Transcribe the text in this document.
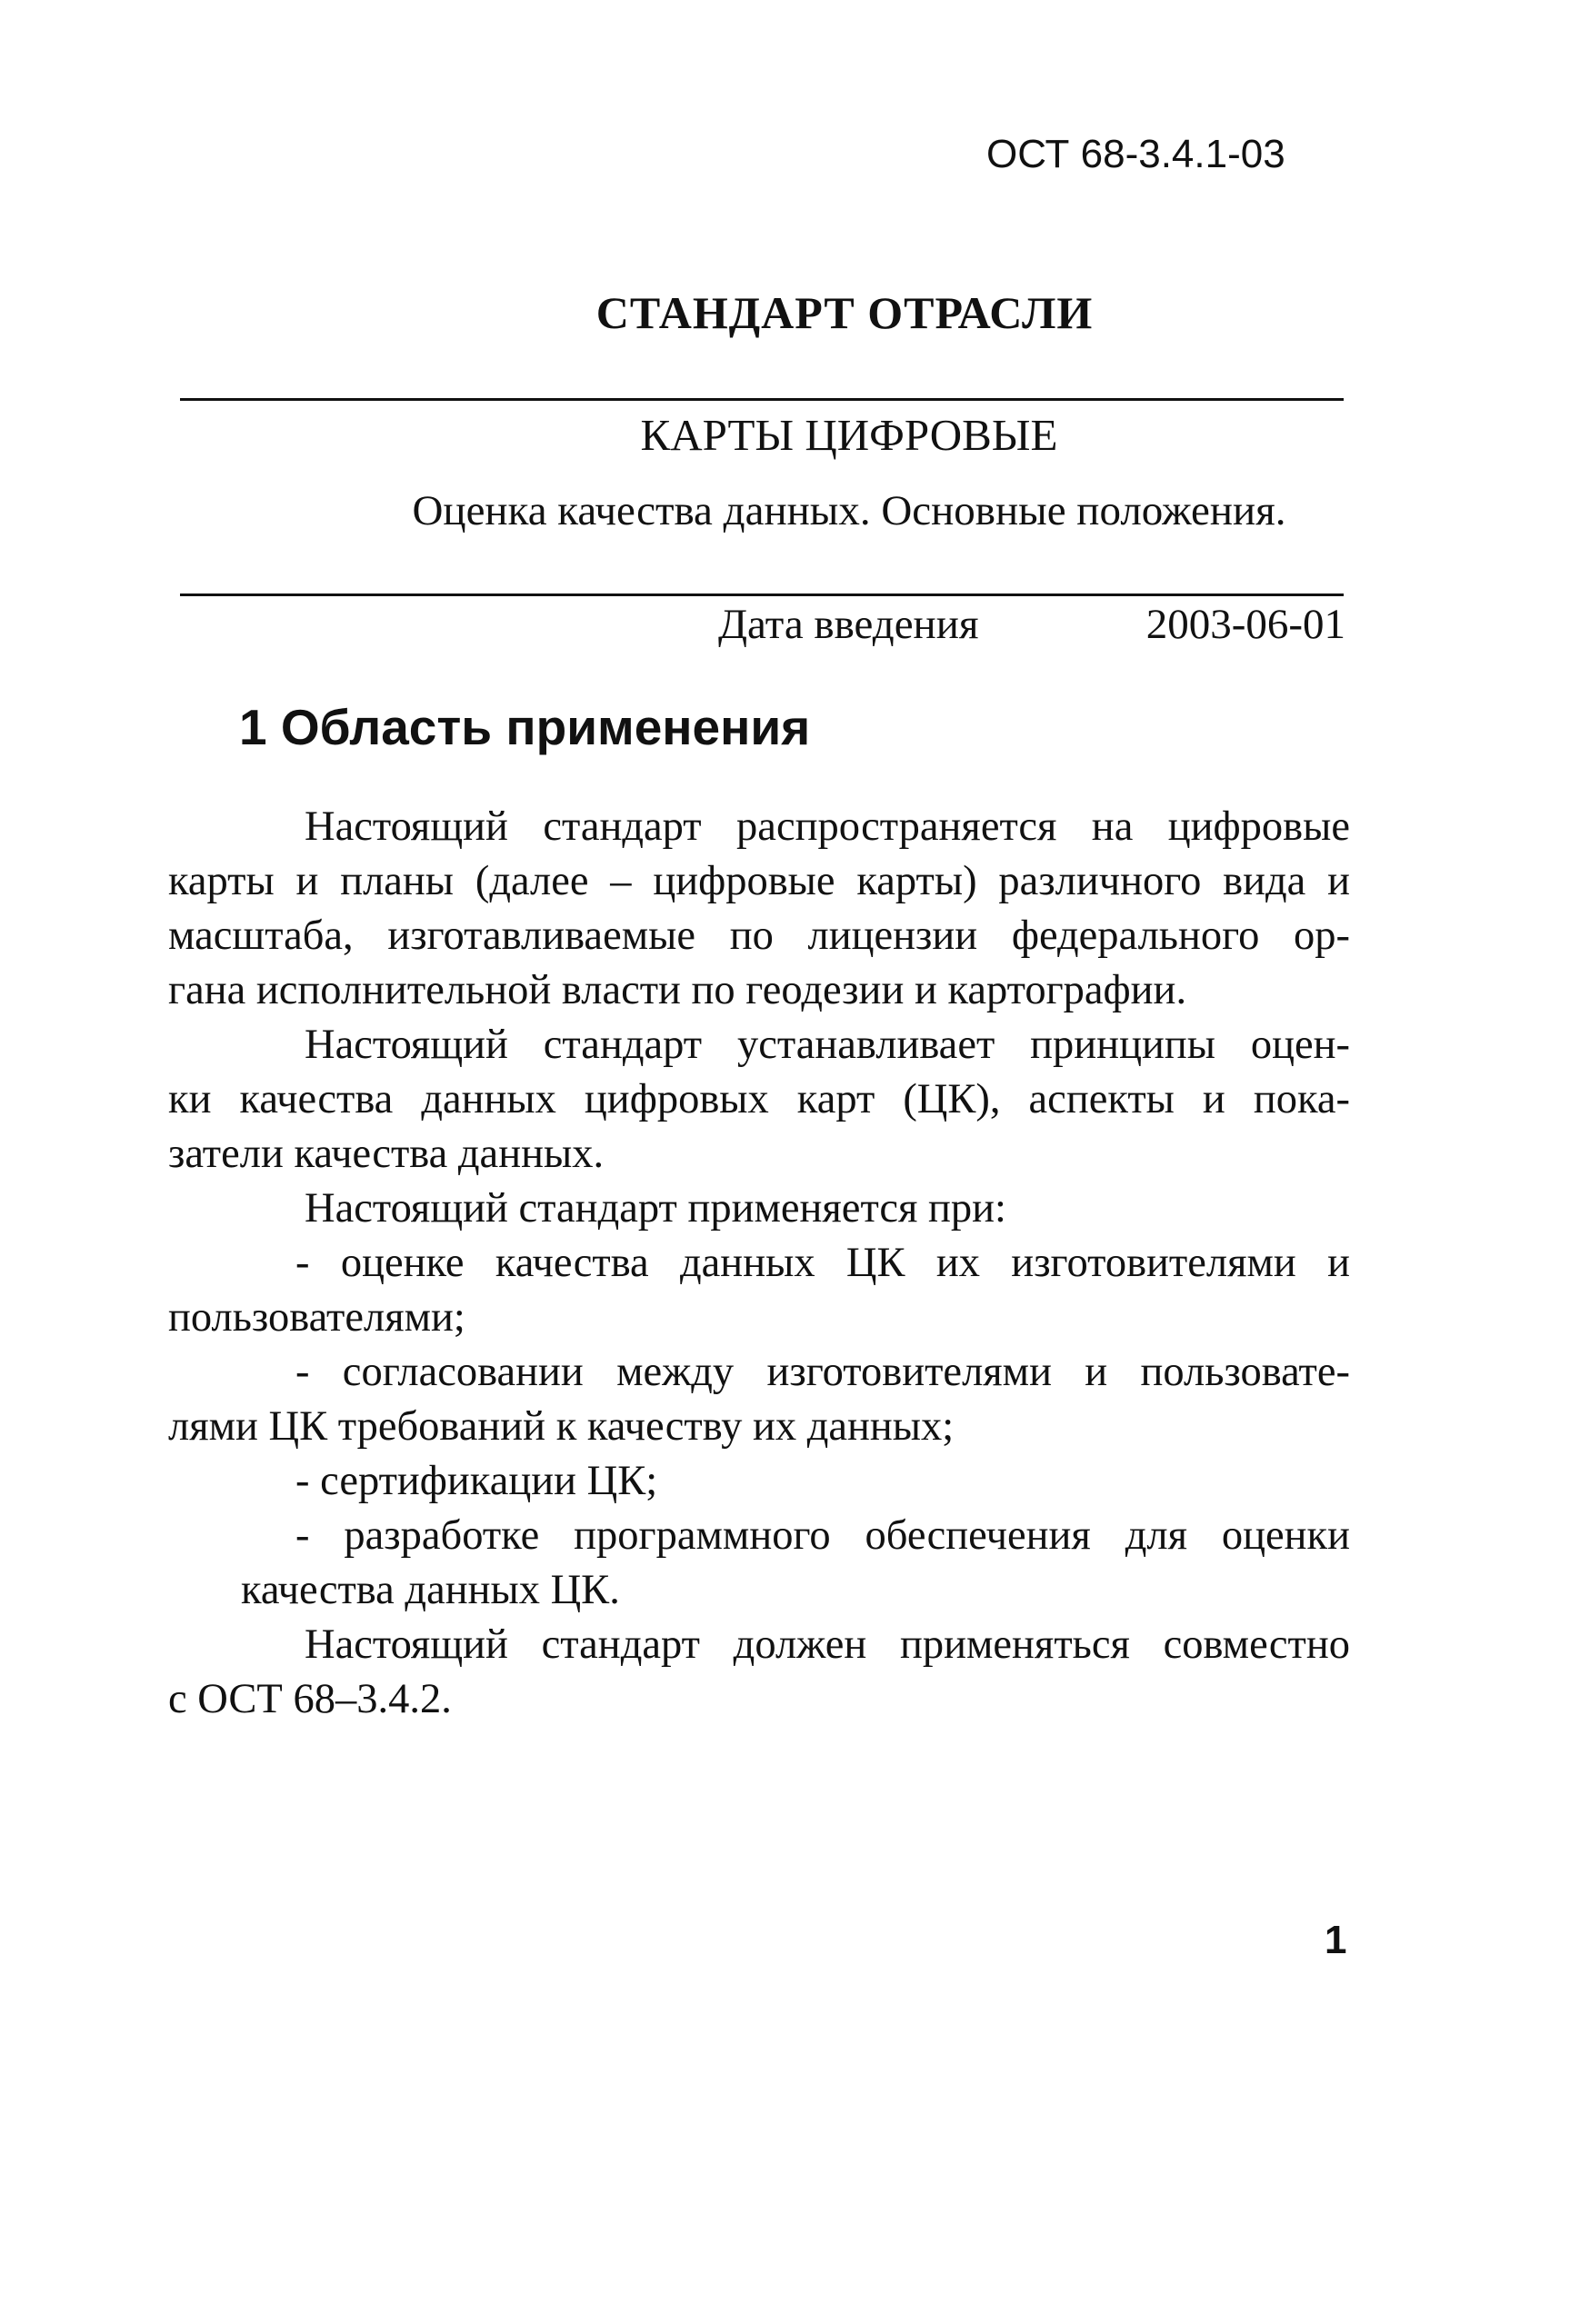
ОСТ 68-3.4.1-03

СТАНДАРТ ОТРАСЛИ

КАРТЫ ЦИФРОВЫЕ

Оценка качества данных. Основные положения.

Дата введения	2003-06-01
1 Область применения
Настоящий стандарт распространяется на цифровые
карты и планы (далее – цифровые карты) различного вида и
масштаба, изготавливаемые по лицензии федерального ор-
гана исполнительной власти по геодезии и картографии.
Настоящий стандарт устанавливает принципы оцен-
ки качества данных цифровых карт (ЦК), аспекты и пока-
затели качества данных.
Настоящий стандарт применяется при:
- оценке качества данных ЦК их изготовителями и
пользователями;
- согласовании между изготовителями и пользовате-
лями ЦК требований к качеству их данных;
- сертификации ЦК;
- разработке программного обеспечения для оценки
качества данных ЦК.
Настоящий стандарт должен применяться совместно
с ОСТ 68–3.4.2.

1
